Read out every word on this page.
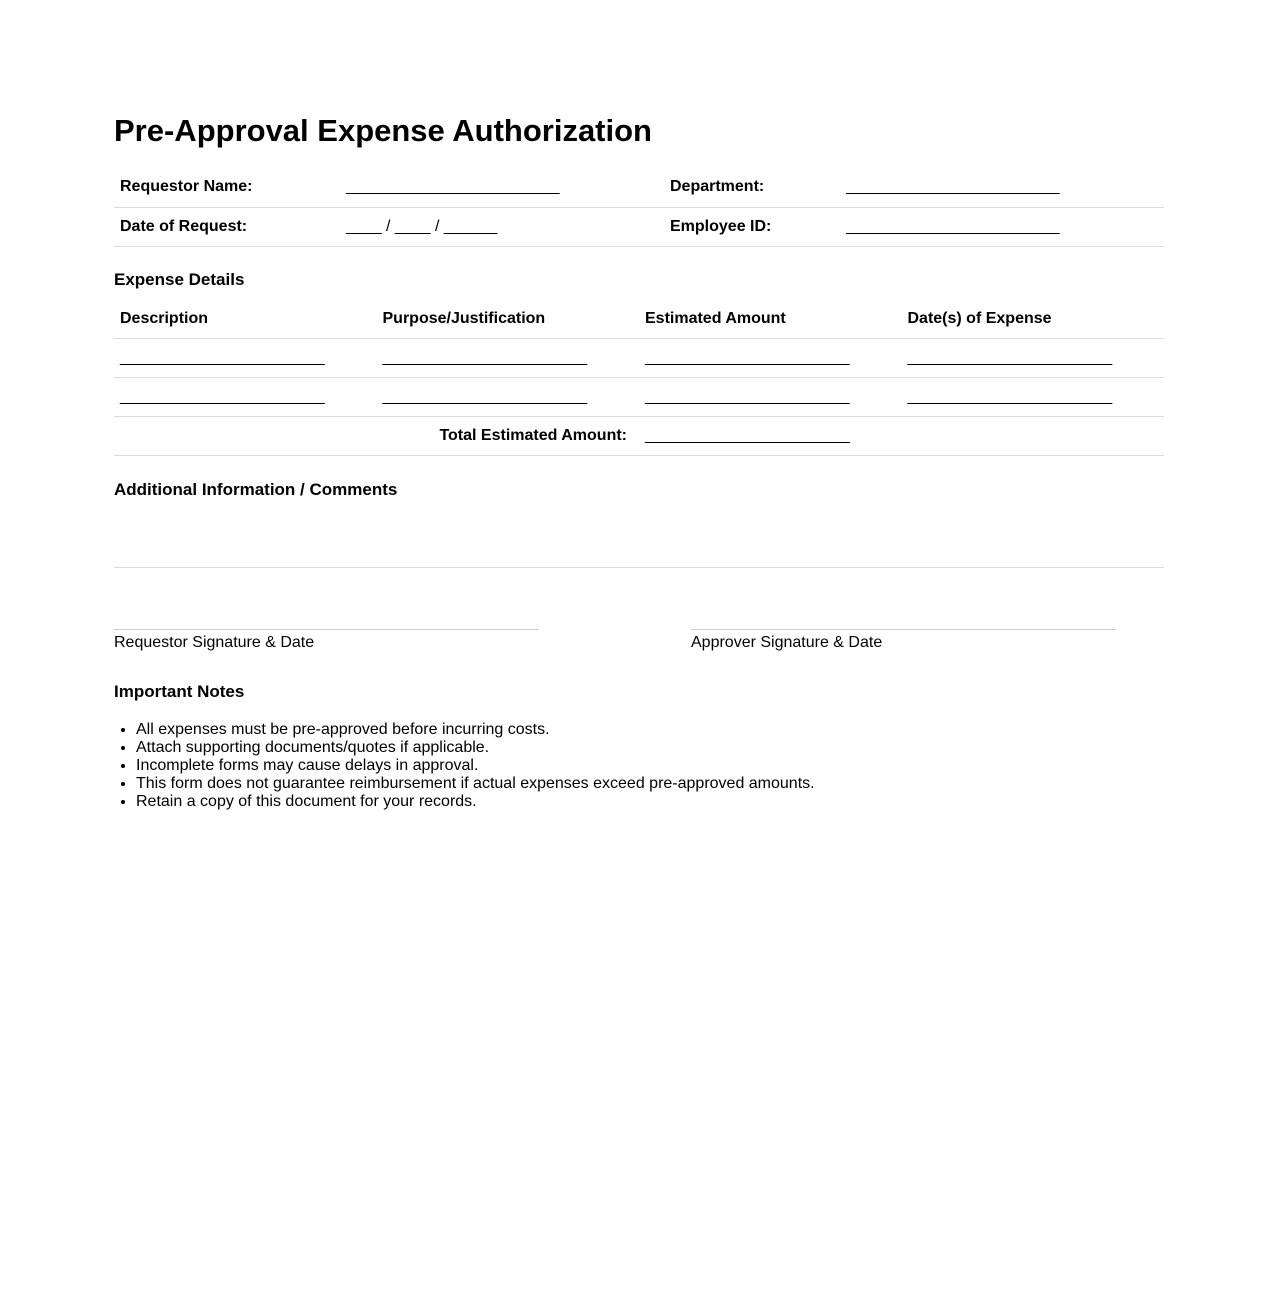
Pre-Approval Expense Authorization
Requestor Name:	________________________	Department:	________________________
Date of Request:	____ / ____ / ______	Employee ID:	________________________
Expense Details
Description	Purpose/Justification	Estimated Amount	Date(s) of Expense
_______________________	_______________________	_______________________	_______________________
_______________________	_______________________	_______________________	_______________________
Total Estimated Amount:		_______________________	
Additional Information / Comments
Requestor Signature & Date	Approver Signature & Date
Important Notes
• All expenses must be pre-approved before incurring costs.
• Attach supporting documents/quotes if applicable.
• Incomplete forms may cause delays in approval.
• This form does not guarantee reimbursement if actual expenses exceed pre-approved amounts.
• Retain a copy of this document for your records.
